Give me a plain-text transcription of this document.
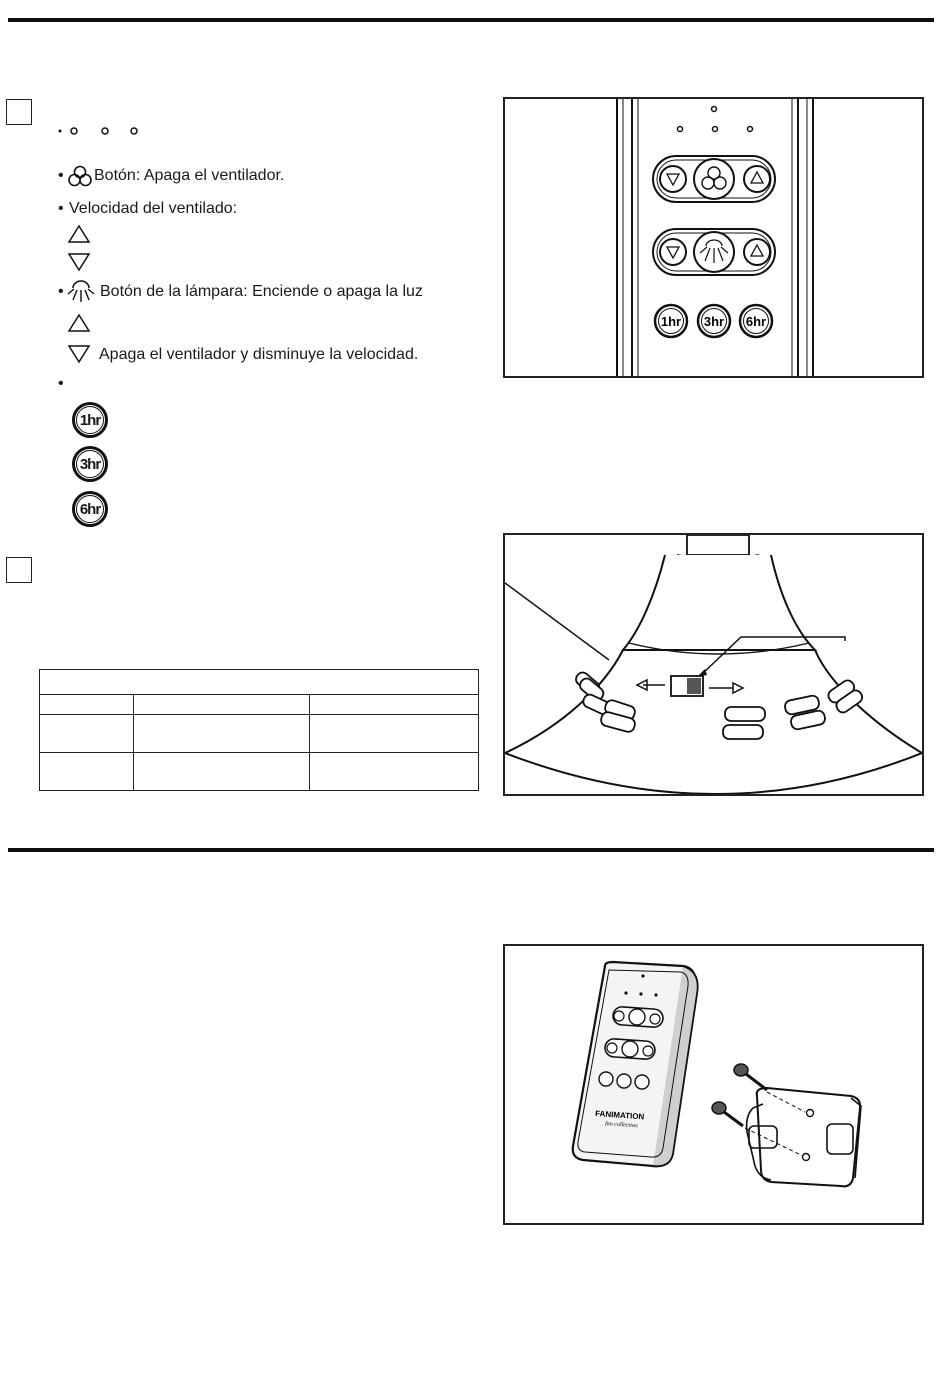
• Botón: Apaga el ventilador.
• Velocidad del ventilado:
• Botón de la lámpara: Enciende o apaga la luz
Apaga el ventilador y disminuye la velocidad.
•
1hr
3hr
6hr
1hr 3hr 6hr

FANIMATION
fan collection
